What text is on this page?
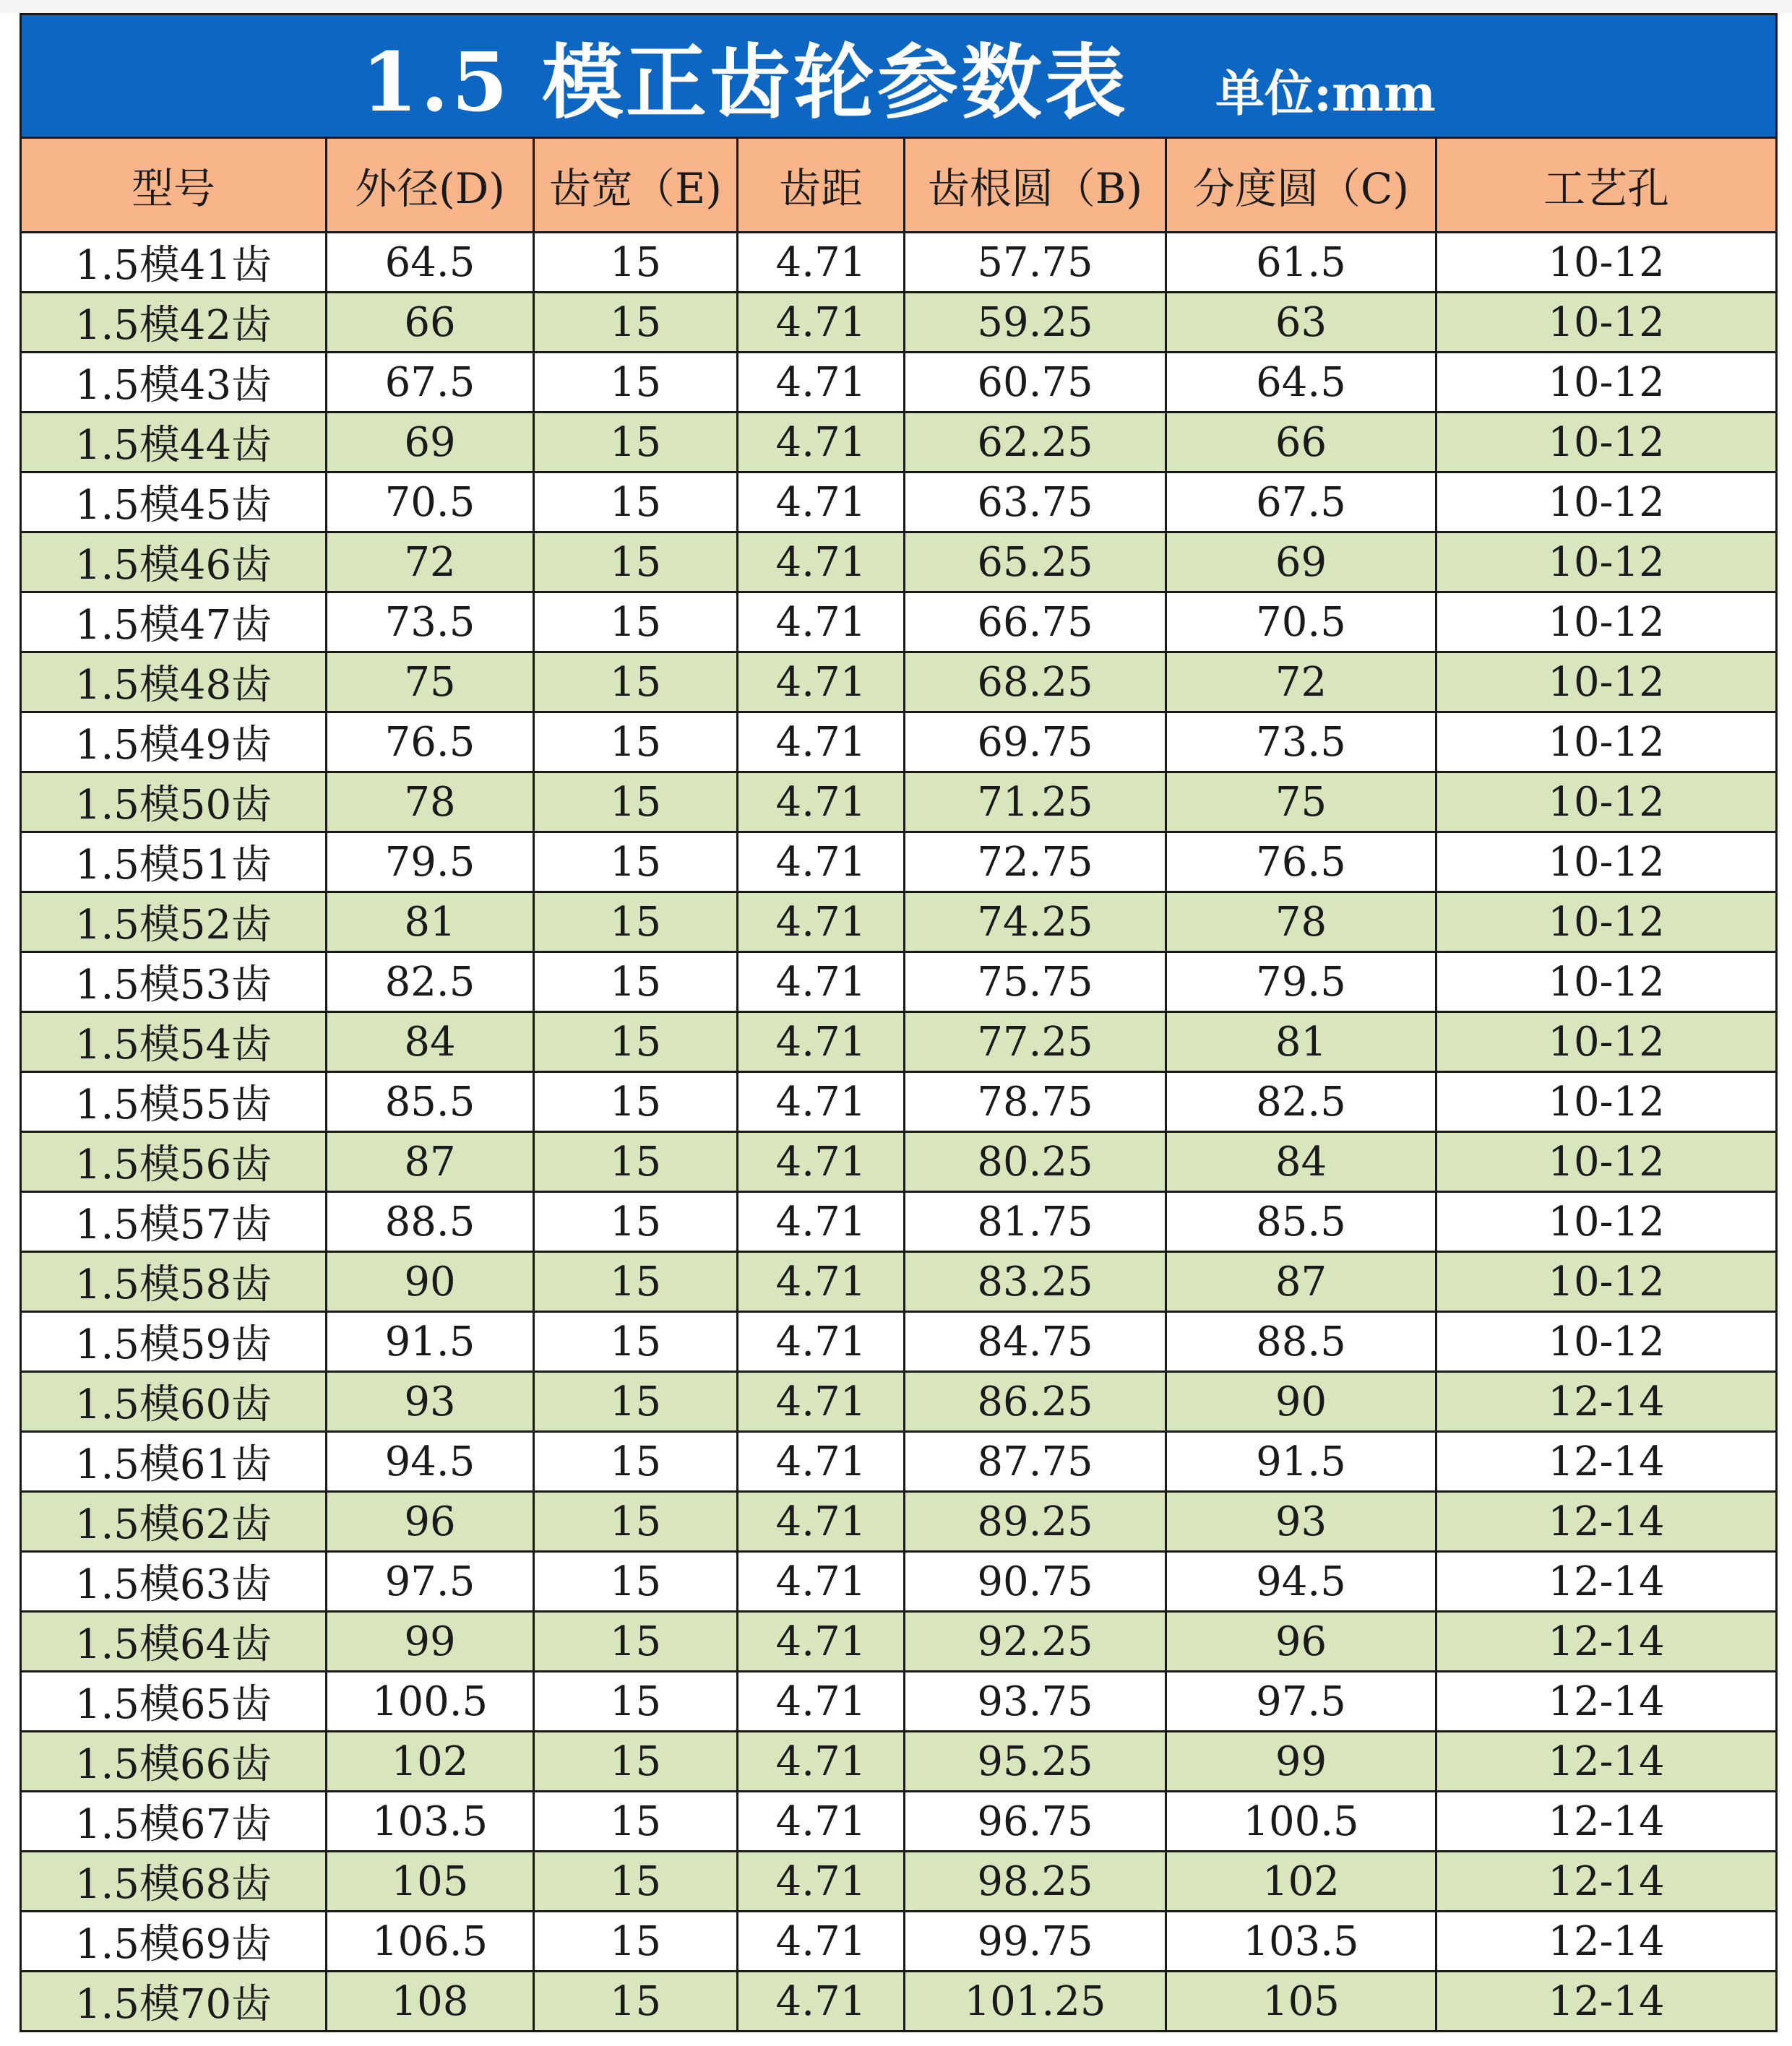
1.5 模正齿轮参数表 单位:mm						
型号	外径(D)	齿宽（E)	齿距	齿根圆（B)	分度圆（C)	工艺孔
1.5模41齿	64.5	15	4.71	57.75	61.5	10-12
1.5模42齿	66	15	4.71	59.25	63	10-12
1.5模43齿	67.5	15	4.71	60.75	64.5	10-12
1.5模44齿	69	15	4.71	62.25	66	10-12
1.5模45齿	70.5	15	4.71	63.75	67.5	10-12
1.5模46齿	72	15	4.71	65.25	69	10-12
1.5模47齿	73.5	15	4.71	66.75	70.5	10-12
1.5模48齿	75	15	4.71	68.25	72	10-12
1.5模49齿	76.5	15	4.71	69.75	73.5	10-12
1.5模50齿	78	15	4.71	71.25	75	10-12
1.5模51齿	79.5	15	4.71	72.75	76.5	10-12
1.5模52齿	81	15	4.71	74.25	78	10-12
1.5模53齿	82.5	15	4.71	75.75	79.5	10-12
1.5模54齿	84	15	4.71	77.25	81	10-12
1.5模55齿	85.5	15	4.71	78.75	82.5	10-12
1.5模56齿	87	15	4.71	80.25	84	10-12
1.5模57齿	88.5	15	4.71	81.75	85.5	10-12
1.5模58齿	90	15	4.71	83.25	87	10-12
1.5模59齿	91.5	15	4.71	84.75	88.5	10-12
1.5模60齿	93	15	4.71	86.25	90	12-14
1.5模61齿	94.5	15	4.71	87.75	91.5	12-14
1.5模62齿	96	15	4.71	89.25	93	12-14
1.5模63齿	97.5	15	4.71	90.75	94.5	12-14
1.5模64齿	99	15	4.71	92.25	96	12-14
1.5模65齿	100.5	15	4.71	93.75	97.5	12-14
1.5模66齿	102	15	4.71	95.25	99	12-14
1.5模67齿	103.5	15	4.71	96.75	100.5	12-14
1.5模68齿	105	15	4.71	98.25	102	12-14
1.5模69齿	106.5	15	4.71	99.75	103.5	12-14
1.5模70齿	108	15	4.71	101.25	105	12-14
